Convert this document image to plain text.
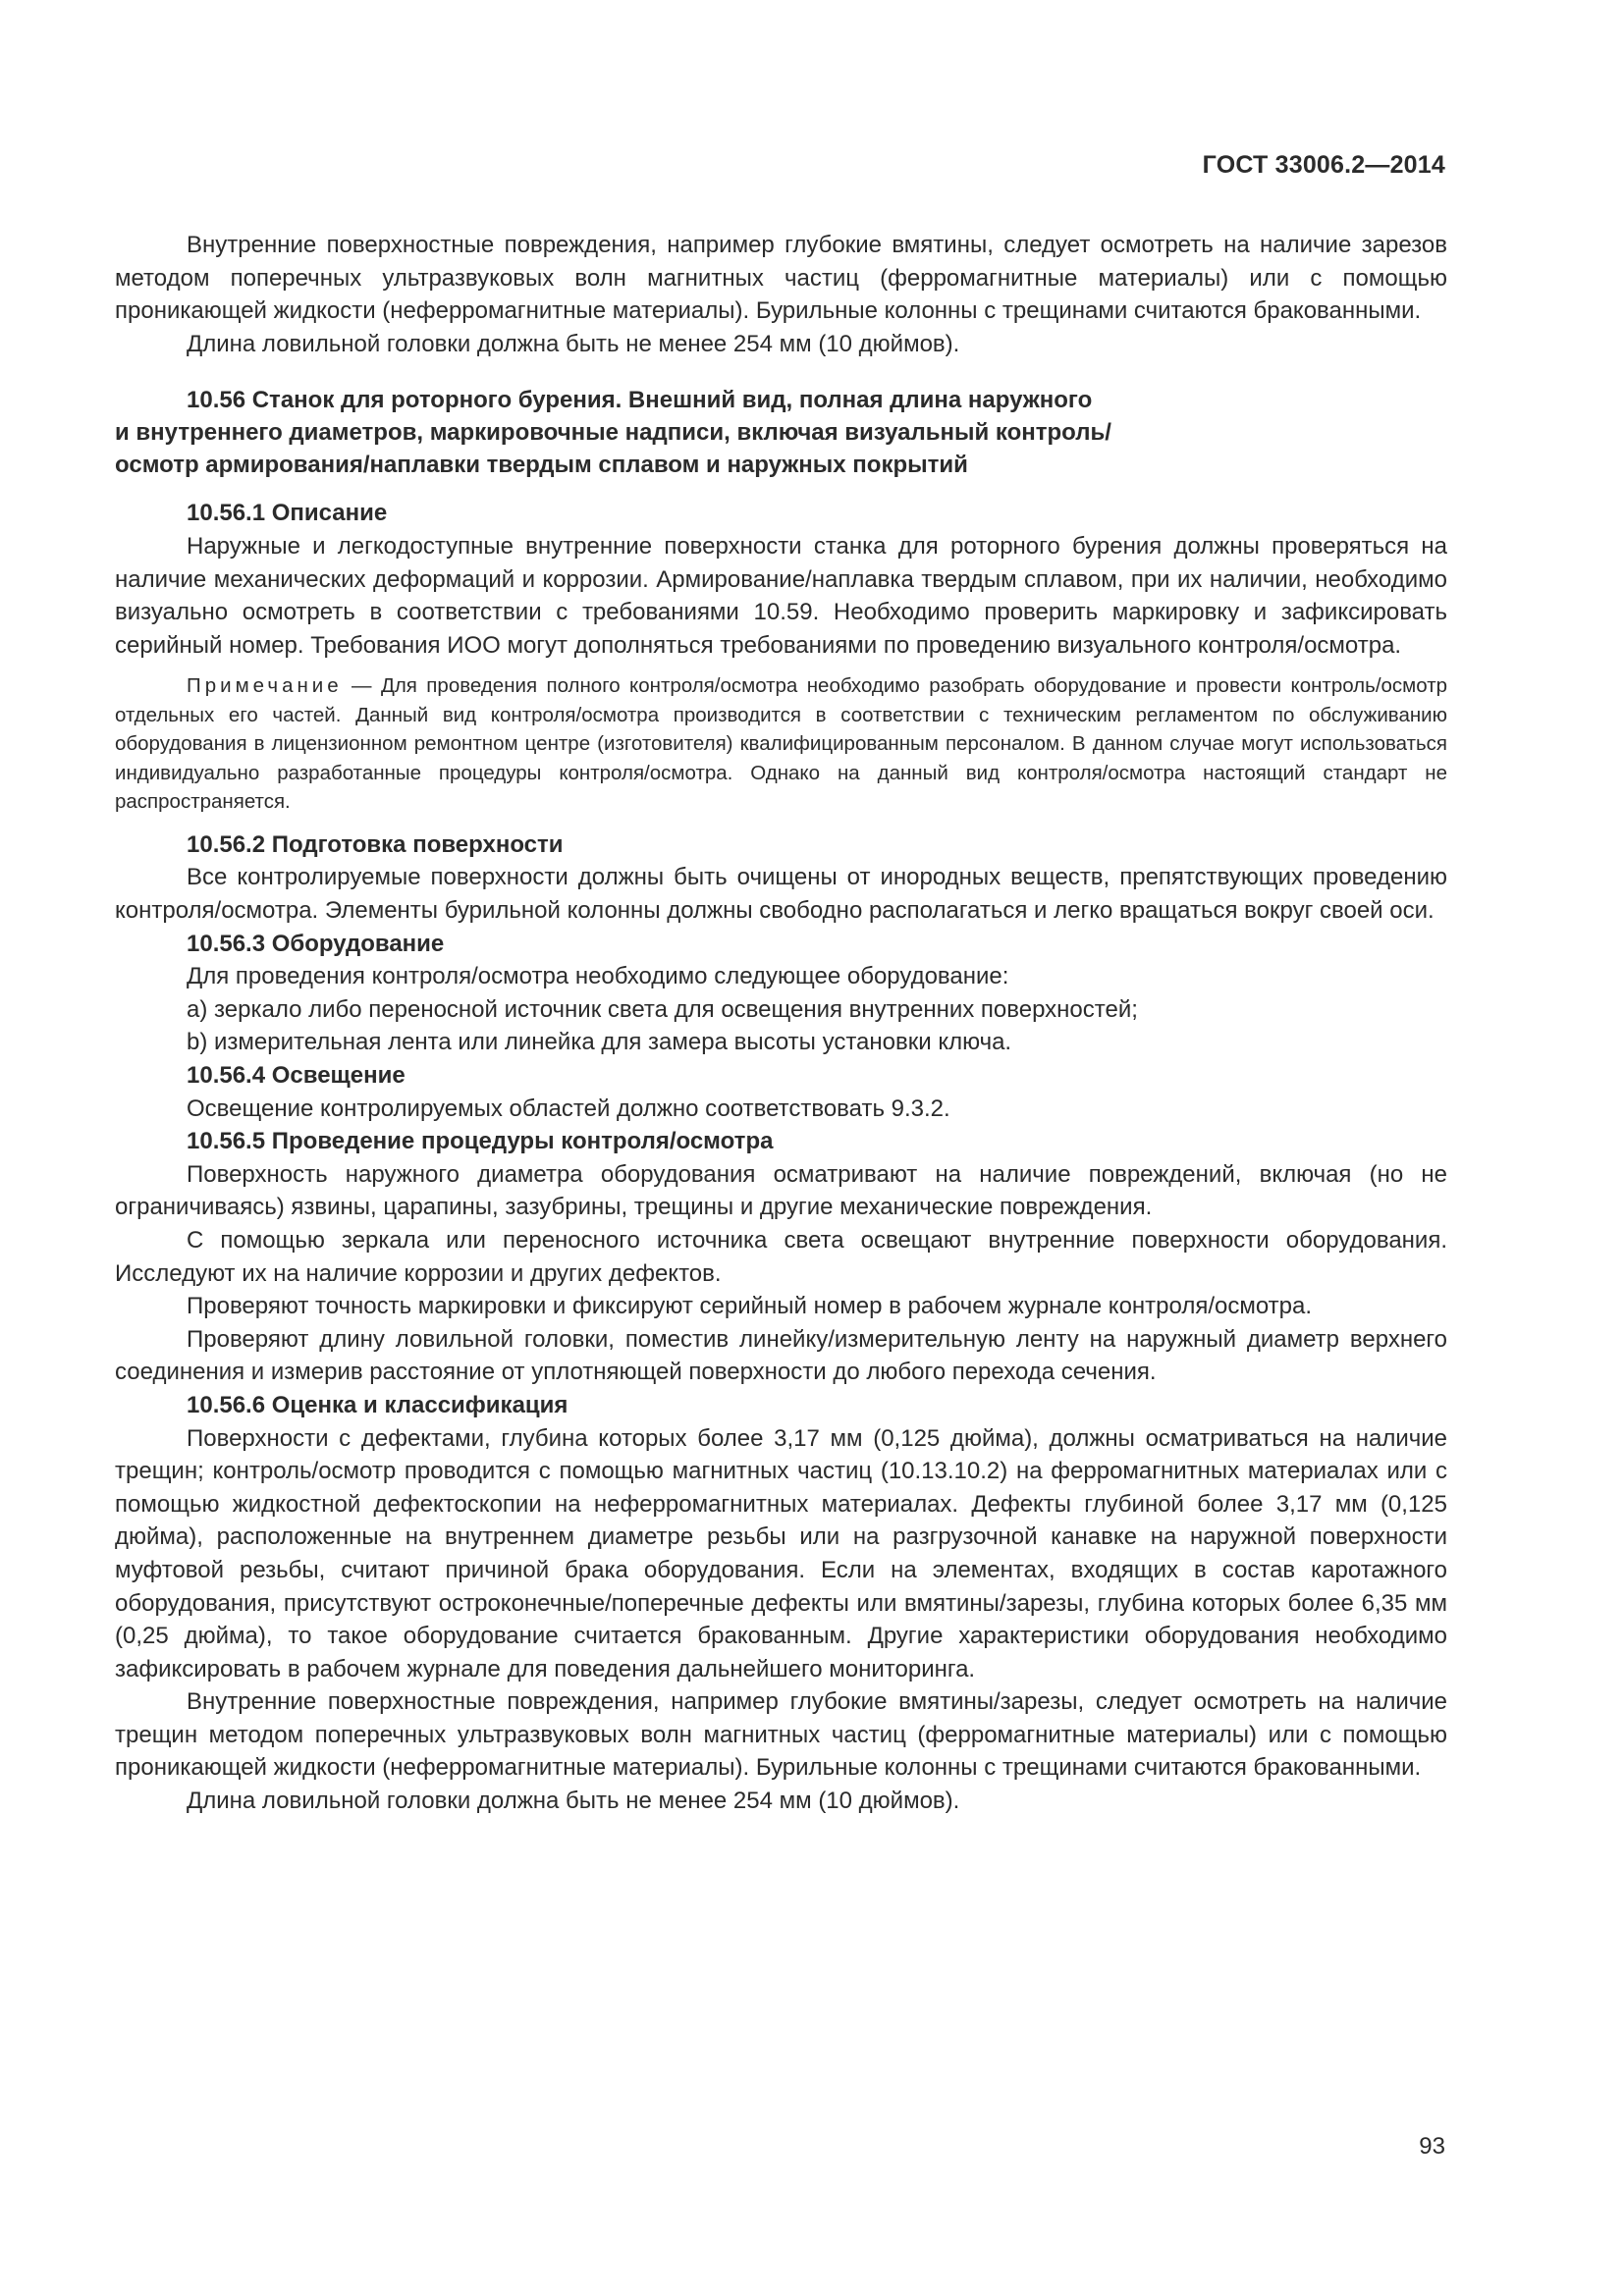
ГОСТ 33006.2—2014

Внутренние поверхностные повреждения, например глубокие вмятины, следует осмотреть на наличие зарезов методом поперечных ультразвуковых волн магнитных частиц (ферромагнитные материалы) или с помощью проникающей жидкости (неферромагнитные материалы). Бурильные колонны с трещинами считаются бракованными.

Длина ловильной головки должна быть не менее 254 мм (10 дюймов).

10.56 Станок для роторного бурения. Внешний вид, полная длина наружного
и внутреннего диаметров, маркировочные надписи, включая визуальный контроль/
осмотр армирования/наплавки твердым сплавом и наружных покрытий

10.56.1 Описание

Наружные и легкодоступные внутренние поверхности станка для роторного бурения должны проверяться на наличие механических деформаций и коррозии. Армирование/наплавка твердым сплавом, при их наличии, необходимо визуально осмотреть в соответствии с требованиями 10.59. Необходимо проверить маркировку и зафиксировать серийный номер. Требования ИОО могут дополняться требованиями по проведению визуального контроля/осмотра.

Примечание — Для проведения полного контроля/осмотра необходимо разобрать оборудование и провести контроль/осмотр отдельных его частей. Данный вид контроля/осмотра производится в соответствии с техническим регламентом по обслуживанию оборудования в лицензионном ремонтном центре (изготовителя) квалифицированным персоналом. В данном случае могут использоваться индивидуально разработанные процедуры контроля/осмотра. Однако на данный вид контроля/осмотра настоящий стандарт не распространяется.

10.56.2 Подготовка поверхности

Все контролируемые поверхности должны быть очищены от инородных веществ, препятствующих проведению контроля/осмотра. Элементы бурильной колонны должны свободно располагаться и легко вращаться вокруг своей оси.

10.56.3 Оборудование

Для проведения контроля/осмотра необходимо следующее оборудование:

а) зеркало либо переносной источник света для освещения внутренних поверхностей;

b) измерительная лента или линейка для замера высоты установки ключа.

10.56.4 Освещение

Освещение контролируемых областей должно соответствовать 9.3.2.

10.56.5 Проведение процедуры контроля/осмотра

Поверхность наружного диаметра оборудования осматривают на наличие повреждений, включая (но не ограничиваясь) язвины, царапины, зазубрины, трещины и другие механические повреждения.

С помощью зеркала или переносного источника света освещают внутренние поверхности оборудования. Исследуют их на наличие коррозии и других дефектов.

Проверяют точность маркировки и фиксируют серийный номер в рабочем журнале контроля/осмотра.

Проверяют длину ловильной головки, поместив линейку/измерительную ленту на наружный диаметр верхнего соединения и измерив расстояние от уплотняющей поверхности до любого перехода сечения.

10.56.6 Оценка и классификация

Поверхности с дефектами, глубина которых более 3,17 мм (0,125 дюйма), должны осматриваться на наличие трещин; контроль/осмотр проводится с помощью магнитных частиц (10.13.10.2) на ферромагнитных материалах или с помощью жидкостной дефектоскопии на неферромагнитных материалах. Дефекты глубиной более 3,17 мм (0,125 дюйма), расположенные на внутреннем диаметре резьбы или на разгрузочной канавке на наружной поверхности муфтовой резьбы, считают причиной брака оборудования. Если на элементах, входящих в состав каротажного оборудования, присутствуют остроконечные/поперечные дефекты или вмятины/зарезы, глубина которых более 6,35 мм (0,25 дюйма), то такое оборудование считается бракованным. Другие характеристики оборудования необходимо зафиксировать в рабочем журнале для поведения дальнейшего мониторинга.

Внутренние поверхностные повреждения, например глубокие вмятины/зарезы, следует осмотреть на наличие трещин методом поперечных ультразвуковых волн магнитных частиц (ферромагнитные материалы) или с помощью проникающей жидкости (неферромагнитные материалы). Бурильные колонны с трещинами считаются бракованными.

Длина ловильной головки должна быть не менее 254 мм (10 дюймов).

93
